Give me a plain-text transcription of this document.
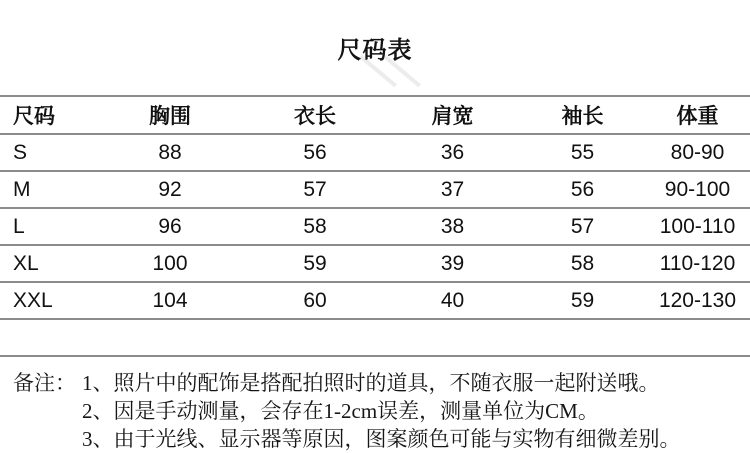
尺码表
尺码	胸围	衣长	肩宽	袖长	体重
S	88	56	36	55	80-90
M	92	57	37	56	90-100
L	96	58	38	57	100-110
XL	100	59	39	58	110-120
XXL	104	60	40	59	120-130

备注： 1、照片中的配饰是搭配拍照时的道具，不随衣服一起附送哦。
2、因是手动测量，会存在1-2cm误差，测量单位为CM。
3、由于光线、显示器等原因，图案颜色可能与实物有细微差别。
